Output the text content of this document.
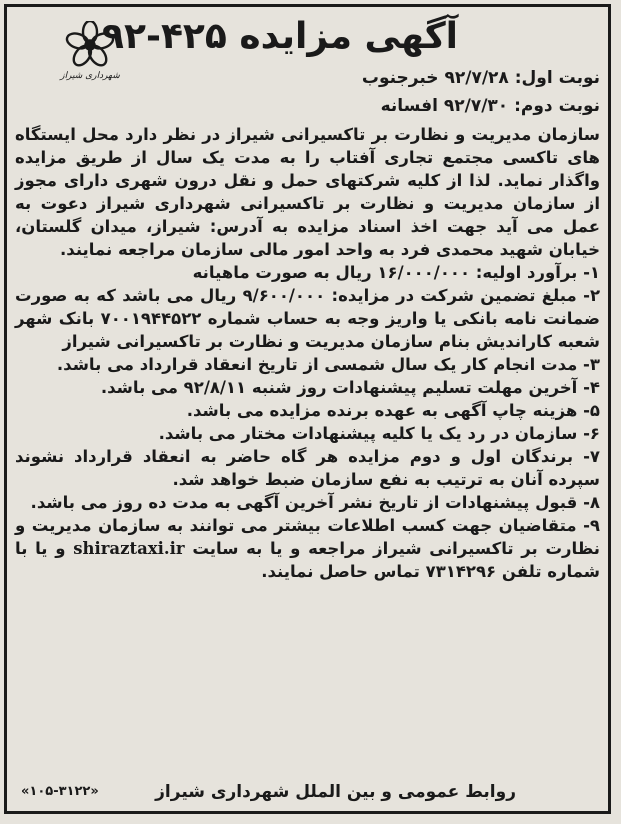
شهرداری شیراز
آگهی مزایده ۴۲۵-۹۲
نوبت اول: ۹۲/۷/۲۸ خبرجنوب
نوبت دوم: ۹۲/۷/۳۰ افسانه

سازمان مدیریت و نظارت بر تاکسیرانی شیراز در نظر دارد محل ایستگاه های تاکسی مجتمع تجاری آفتاب را به مدت یک سال از طریق مزایده واگذار نماید. لذا از کلیه شرکتهای حمل و نقل درون شهری دارای مجوز از سازمان مدیریت و نظارت بر تاکسیرانی شهرداری شیراز دعوت به عمل می آید جهت اخذ اسناد مزایده به آدرس: شیراز، میدان گلستان، خیابان شهید محمدی فرد به واحد امور مالی سازمان مراجعه نمایند.

۱- برآورد اولیه: ۱۶/۰۰۰/۰۰۰ ریال به صورت ماهیانه

۲- مبلغ تضمین شرکت در مزایده: ۹/۶۰۰/۰۰۰ ریال می باشد که به صورت ضمانت نامه بانکی یا واریز وجه به حساب شماره ۷۰۰۱۹۴۴۵۲۲ بانک شهر شعبه کارانديش بنام سازمان مدیریت و نظارت بر تاکسیرانی شیراز

۳- مدت انجام کار یک سال شمسی از تاریخ انعقاد قرارداد می باشد.

۴- آخرین مهلت تسلیم پیشنهادات روز شنبه ۹۲/۸/۱۱ می باشد.

۵- هزینه چاپ آگهی به عهده برنده مزایده می باشد.

۶- سازمان در رد یک یا کلیه پیشنهادات مختار می باشد.

۷- برندگان اول و دوم مزایده هر گاه حاضر به انعقاد قرارداد نشوند سپرده آنان به ترتیب به نفع سازمان ضبط خواهد شد.

۸- قبول پیشنهادات از تاریخ نشر آخرین آگهی به مدت ده روز می باشد.

۹- متقاضیان جهت کسب اطلاعات بیشتر می توانند به سازمان مدیریت و نظارت بر تاکسیرانی شیراز مراجعه و یا به سایت shiraztaxi.ir و یا با شماره تلفن ۷۳۱۴۲۹۶ تماس حاصل نمایند.

روابط عمومی و بین الملل شهرداری شیراز
«۱۰۵-۳۱۲۲»
